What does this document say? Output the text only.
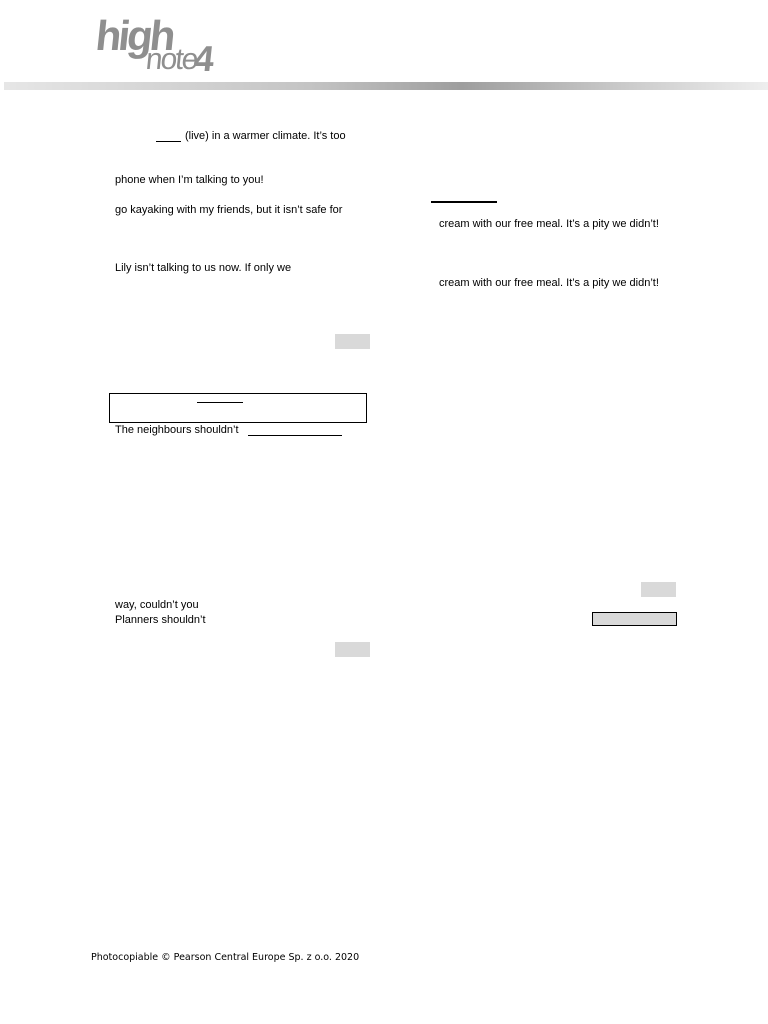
high
note
4
(live) in a warmer climate. It’s too
phone when I’m talking to you!
go kayaking with my friends, but it isn’t safe for
Lily isn’t talking to us now. If only we
The neighbours shouldn’t
way, couldn’t you
Planners shouldn’t
cream with our free meal. It’s a pity we didn’t!
cream with our free meal. It’s a pity we didn’t!
Photocopiable © Pearson Central Europe Sp. z o.o. 2020
